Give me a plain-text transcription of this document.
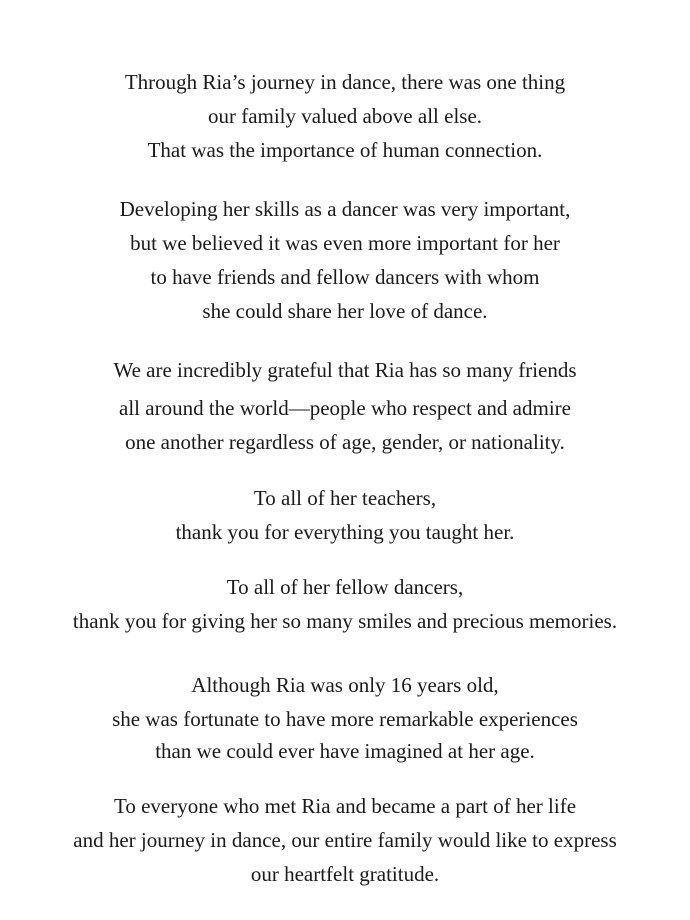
Through Ria’s journey in dance, there was one thing
our family valued above all else.
That was the importance of human connection.
Developing her skills as a dancer was very important,
but we believed it was even more important for her
to have friends and fellow dancers with whom
she could share her love of dance.
We are incredibly grateful that Ria has so many friends
all around the world—people who respect and admire
one another regardless of age, gender, or nationality.
To all of her teachers,
thank you for everything you taught her.
To all of her fellow dancers,
thank you for giving her so many smiles and precious memories.
Although Ria was only 16 years old,
she was fortunate to have more remarkable experiences
than we could ever have imagined at her age.
To everyone who met Ria and became a part of her life
and her journey in dance, our entire family would like to express
our heartfelt gratitude.
